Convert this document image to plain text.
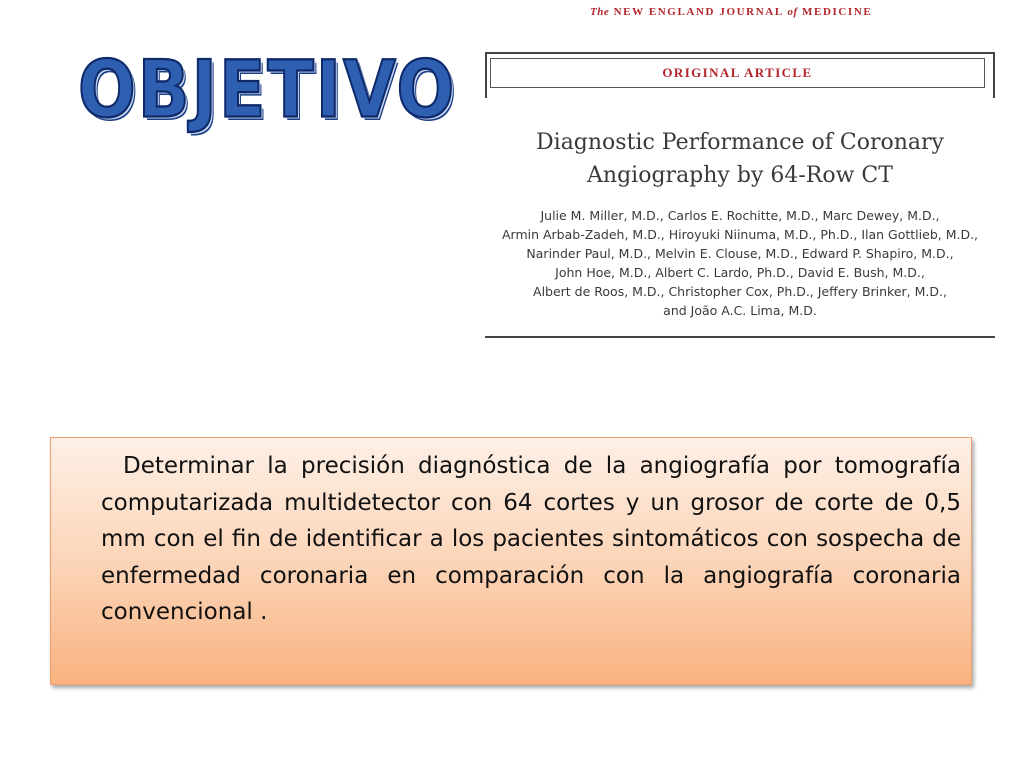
OBJETIVO
The NEW ENGLAND JOURNAL of MEDICINE
ORIGINAL ARTICLE
Diagnostic Performance of Coronary
Angiography by 64-Row CT
Julie M. Miller, M.D., Carlos E. Rochitte, M.D., Marc Dewey, M.D.,
Armin Arbab-Zadeh, M.D., Hiroyuki Niinuma, M.D., Ph.D., Ilan Gottlieb, M.D.,
Narinder Paul, M.D., Melvin E. Clouse, M.D., Edward P. Shapiro, M.D.,
John Hoe, M.D., Albert C. Lardo, Ph.D., David E. Bush, M.D.,
Albert de Roos, M.D., Christopher Cox, Ph.D., Jeffery Brinker, M.D.,
and João A.C. Lima, M.D.

Determinar la precisión diagnóstica de la angiografía por tomografía computarizada multidetector con 64 cortes y un grosor de corte de 0,5 mm con el fin de identificar a los pacientes sintomáticos con sospecha de enfermedad coronaria en comparación con la angiografía coronaria convencional .
